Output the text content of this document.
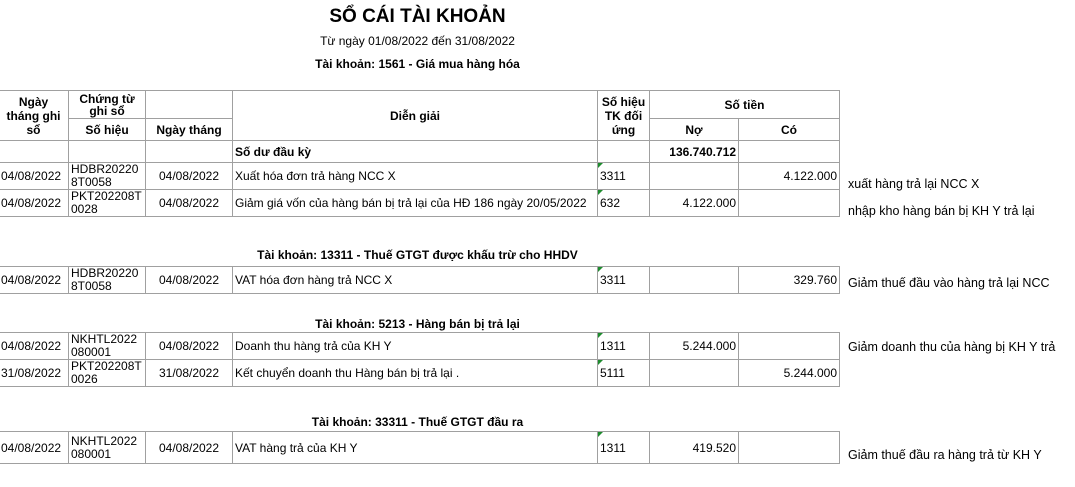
SỔ CÁI TÀI KHOẢN
Từ ngày 01/08/2022 đến 31/08/2022
Tài khoản: 1561 - Giá mua hàng hóa
Ngày tháng ghi sổ	Chứng từ ghi sổ		Diễn giải	Số hiệu TK đối ứng	Số tiền	
	Số hiệu	Ngày tháng			Nợ	Có
			Số dư đầu kỳ		136.740.712	
04/08/2022	HDBR202208T0058	04/08/2022	Xuất hóa đơn trả hàng NCC X	3311		4.122.000
04/08/2022	PKT202208T0028	04/08/2022	Giảm giá vốn của hàng bán bị trả lại của HĐ 186 ngày 20/05/2022	632	4.122.000	
xuất hàng trả lại NCC X
nhập kho hàng bán bị KH Y trả lại
Tài khoản: 13311 - Thuế GTGT được khấu trừ cho HHDV
04/08/2022	HDBR202208T0058	04/08/2022	VAT hóa đơn hàng trả NCC X	3311		329.760 Giảm thuế đầu vào hàng trả lại NCC
Tài khoản: 5213 - Hàng bán bị trả lại
04/08/2022	NKHTL2022080001	04/08/2022	Doanh thu hàng trả của KH Y	1311	5.244.000	
31/08/2022	PKT202208T0026	31/08/2022	Kết chuyển doanh thu Hàng bán bị trả lại .	5111		5.244.000
Giảm doanh thu của hàng bị KH Y trả
Tài khoản: 33311 - Thuế GTGT đầu ra
04/08/2022	NKHTL2022080001	04/08/2022	VAT hàng trả của KH Y	1311	419.520	
Giảm thuế đầu ra hàng trả từ KH Y
